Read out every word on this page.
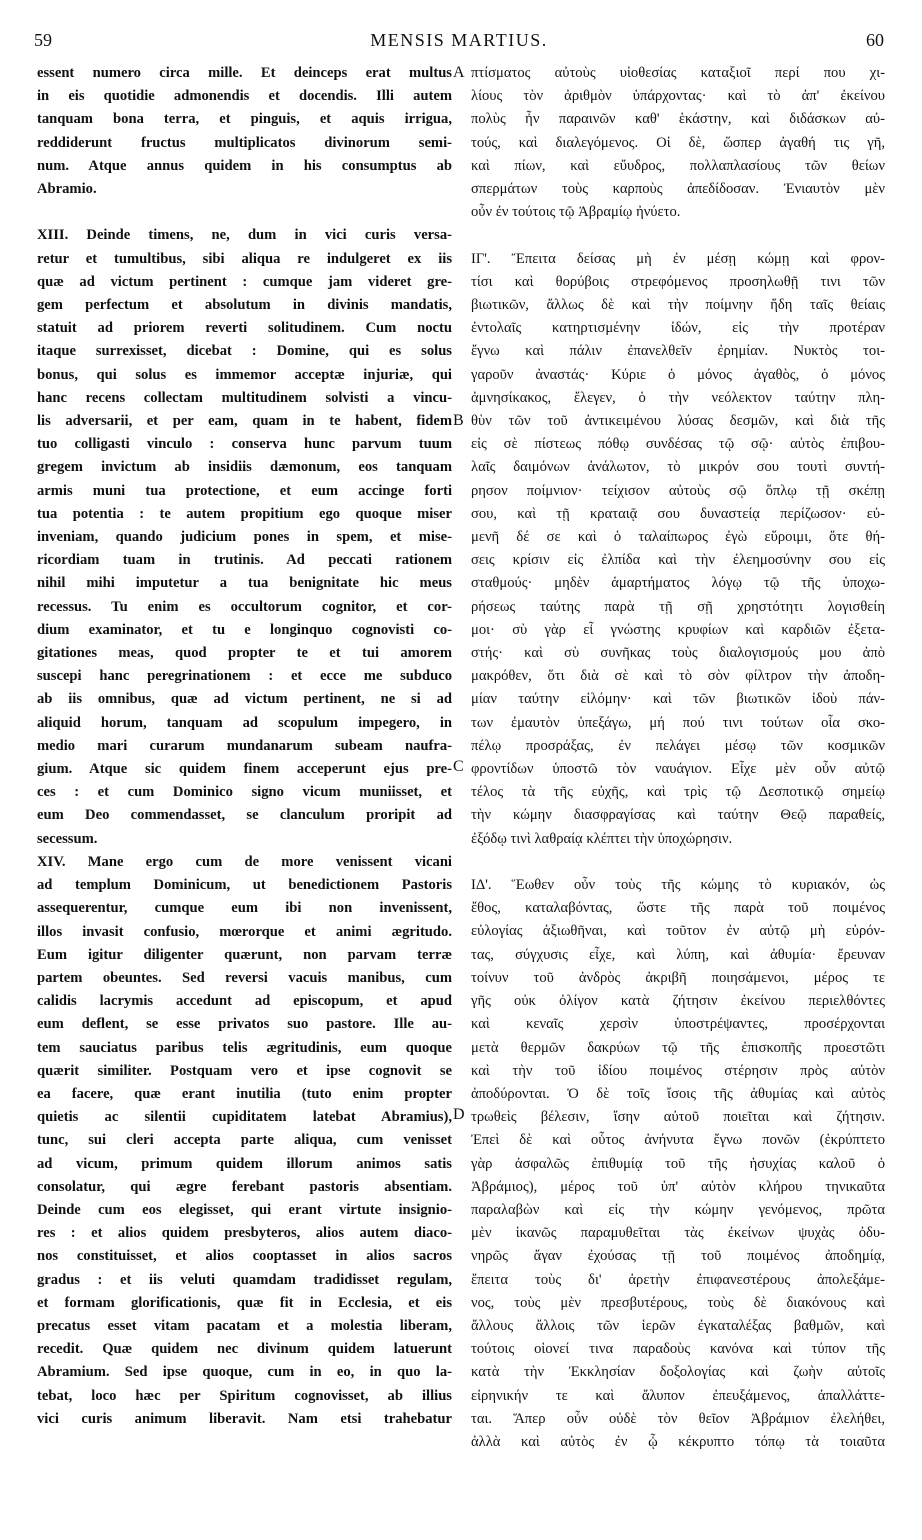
59	MENSIS MARTIUS.	60
essent numero circa mille. Et deinceps erat multus
in eis quotidie admonendis et docendis. Illi autem
tanquam bona terra, et pinguis, et aquis irrigua,
reddiderunt fructus multiplicatos divinorum semi-
num. Atque annus quidem in his consumptus ab
Abramio.
XIII. Deinde timens, ne, dum in vici curis versa-
retur et tumultibus, sibi aliqua re indulgeret ex iis
quæ ad victum pertinent : cumque jam videret gre-
gem perfectum et absolutum in divinis mandatis,
statuit ad priorem reverti solitudinem. Cum noctu
itaque surrexisset, dicebat : Domine, qui es solus
bonus, qui solus es immemor acceptæ injuriæ, qui
hanc recens collectam multitudinem solvisti a vincu-
lis adversarii, et per eam, quam in te habent, fidem
tuo colligasti vinculo : conserva hunc parvum tuum
gregem invictum ab insidiis dæmonum, eos tanquam
armis muni tua protectione, et eum accinge forti
tua potentia : te autem propitium ego quoque miser
inveniam, quando judicium pones in spem, et mise-
ricordiam tuam in trutinis. Ad peccati rationem
nihil mihi imputetur a tua benignitate hic meus
recessus. Tu enim es occultorum cognitor, et cor-
dium examinator, et tu e longinquo cognovisti co-
gitationes meas, quod propter te et tui amorem
suscepi hanc peregrinationem : et ecce me subduco
ab iis omnibus, quæ ad victum pertinent, ne si ad
aliquid horum, tanquam ad scopulum impegero, in
medio mari curarum mundanarum subeam naufra-
gium. Atque sic quidem finem acceperunt ejus pre-
ces : et cum Dominico signo vicum muniisset, et
eum Deo commendasset, se clanculum proripit ad
secessum.
XIV. Mane ergo cum de more venissent vicani
ad templum Dominicum, ut benedictionem Pastoris
assequerentur, cumque eum ibi non invenissent,
illos invasit confusio, mœrorque et animi ægritudo.
Eum igitur diligenter quærunt, non parvam terræ
partem obeuntes. Sed reversi vacuis manibus, cum
calidis lacrymis accedunt ad episcopum, et apud
eum deflent, se esse privatos suo pastore. Ille au-
tem sauciatus paribus telis ægritudinis, eum quoque
quærit similiter. Postquam vero et ipse cognovit se
ea facere, quæ erant inutilia (tuto enim propter
quietis ac silentii cupiditatem latebat Abramius),
tunc, sui cleri accepta parte aliqua, cum venisset
ad vicum, primum quidem illorum animos satis
consolatur, qui ægre ferebant pastoris absentiam.
Deinde cum eos elegisset, qui erant virtute insignio-
res : et alios quidem presbyteros, alios autem diaco-
nos constituisset, et alios cooptasset in alios sacros
gradus : et iis veluti quamdam tradidisset regulam,
et formam glorificationis, quæ fit in Ecclesia, et eis
precatus esset vitam pacatam et a molestia liberam,
recedit. Quæ quidem nec divinum quidem latuerunt
Abramium. Sed ipse quoque, cum in eo, in quo la-
tebat, loco hæc per Spiritum cognovisset, ab illius
vici curis animum liberavit. Nam etsi trahebatur
πτίσματος αὐτοὺς υἱοθεσίας καταξιοῖ περί που χι-
λίους τὸν ἀριθμὸν ὑπάρχοντας· καὶ τὸ ἀπ' ἐκείνου
πολὺς ἦν παραινῶν καθ' ἑκάστην, καὶ διδάσκων αὐ-
τούς, καὶ διαλεγόμενος. Οἱ δὲ, ὥσπερ ἀγαθή τις γῆ,
καὶ πίων, καὶ εὔυδρος, πολλαπλασίους τῶν θείων
σπερμάτων τοὺς καρποὺς ἀπεδίδοσαν. Ἐνιαυτὸν μὲν
οὖν ἐν τούτοις τῷ Ἀβραμίῳ ἠνύετο.
ΙΓ'. Ἔπειτα δείσας μὴ ἐν μέσῃ κώμῃ καὶ φρον-
τίσι καὶ θορύβοις στρεφόμενος προσηλωθῇ τινι τῶν
βιωτικῶν, ἄλλως δὲ καὶ τὴν ποίμνην ἤδη ταῖς θείαις
ἐντολαῖς κατηρτισμένην ἰδών, εἰς τὴν προτέραν
ἔγνω καὶ πάλιν ἐπανελθεῖν ἐρημίαν. Νυκτὸς τοι-
γαροῦν ἀναστάς· Κύριε ὁ μόνος ἀγαθὸς, ὁ μόνος
ἀμνησίκακος, ἔλεγεν, ὁ τὴν νεόλεκτον ταύτην πλη-
θὺν τῶν τοῦ ἀντικειμένου λύσας δεσμῶν, καὶ διὰ τῆς
εἰς σὲ πίστεως πόθῳ συνδέσας τῷ σῷ· αὐτὸς ἐπιβου-
λαῖς δαιμόνων ἀνάλωτον, τὸ μικρόν σου τουτὶ συντή-
ρησον ποίμνιον· τείχισον αὐτοὺς σῷ ὅπλῳ τῇ σκέπῃ
σου, καὶ τῇ κραταιᾷ σου δυναστείᾳ περίζωσον· εὐ-
μενῆ δέ σε καὶ ὁ ταλαίπωρος ἐγὼ εὕροιμι, ὅτε θή-
σεις κρίσιν εἰς ἐλπίδα καὶ τὴν ἐλεημοσύνην σου εἰς
σταθμούς· μηδὲν ἁμαρτήματος λόγῳ τῷ τῆς ὑποχω-
ρήσεως ταύτης παρὰ τῇ σῇ χρηστότητι λογισθείη
μοι· σὺ γὰρ εἶ γνώστης κρυφίων καὶ καρδιῶν ἐξετα-
στής· καὶ σὺ συνῆκας τοὺς διαλογισμούς μου ἀπὸ
μακρόθεν, ὅτι διὰ σὲ καὶ τὸ σὸν φίλτρον τὴν ἀποδη-
μίαν ταύτην εἱλόμην· καὶ τῶν βιωτικῶν ἰδοὺ πάν-
των ἐμαυτὸν ὑπεξάγω, μή πού τινι τούτων οἷα σκο-
πέλῳ προσράξας, ἐν πελάγει μέσῳ τῶν κοσμικῶν
φροντίδων ὑποστῶ τὸν ναυάγιον. Εἶχε μὲν οὖν αὐτῷ
τέλος τὰ τῆς εὐχῆς, καὶ τρὶς τῷ Δεσποτικῷ σημείῳ
τὴν κώμην διασφραγίσας καὶ ταύτην Θεῷ παραθείς,
ἐξόδῳ τινὶ λαθραίᾳ κλέπτει τὴν ὑποχώρησιν.
ΙΔ'. Ἕωθεν οὖν τοὺς τῆς κώμης τὸ κυριακόν, ὡς
ἔθος, καταλαβόντας, ὥστε τῆς παρὰ τοῦ ποιμένος
εὐλογίας ἀξιωθῆναι, καὶ τοῦτον ἐν αὐτῷ μὴ εὑρόν-
τας, σύγχυσις εἶχε, καὶ λύπη, καὶ ἀθυμία· ἔρευναν
τοίνυν τοῦ ἀνδρὸς ἀκριβῆ ποιησάμενοι, μέρος τε
γῆς οὐκ ὀλίγον κατὰ ζήτησιν ἐκείνου περιελθόντες
καὶ κεναῖς χερσὶν ὑποστρέψαντες, προσέρχονται
μετὰ θερμῶν δακρύων τῷ τῆς ἐπισκοπῆς προεστῶτι
καὶ τὴν τοῦ ἰδίου ποιμένος στέρησιν πρὸς αὐτὸν
ἀποδύρονται. Ὁ δὲ τοῖς ἴσοις τῆς ἀθυμίας καὶ αὐτὸς
τρωθεὶς βέλεσιν, ἴσην αὐτοῦ ποιεῖται καὶ ζήτησιν.
Ἐπεὶ δὲ καὶ οὗτος ἀνήνυτα ἔγνω πονῶν (ἐκρύπτετο
γὰρ ἀσφαλῶς ἐπιθυμίᾳ τοῦ τῆς ἡσυχίας καλοῦ ὁ
Ἀβράμιος), μέρος τοῦ ὑπ' αὐτὸν κλήρου τηνικαῦτα
παραλαβὼν καὶ εἰς τὴν κώμην γενόμενος, πρῶτα
μὲν ἱκανῶς παραμυθεῖται τὰς ἐκείνων ψυχὰς ὀδυ-
νηρῶς ἄγαν ἐχούσας τῇ τοῦ ποιμένος ἀποδημίᾳ,
ἔπειτα τοὺς δι' ἀρετὴν ἐπιφανεστέρους ἀπολεξάμε-
νος, τοὺς μὲν πρεσβυτέρους, τοὺς δὲ διακόνους καὶ
ἄλλους ἄλλοις τῶν ἱερῶν ἐγκαταλέξας βαθμῶν, καὶ
τούτοις οἱονεί τινα παραδοὺς κανόνα καὶ τύπον τῆς
κατὰ τὴν Ἐκκλησίαν δοξολογίας καὶ ζωὴν αὐτοῖς
εἰρηνικήν τε καὶ ἄλυπον ἐπευξάμενος, ἀπαλλάττε-
ται. Ἅπερ οὖν οὐδὲ τὸν θεῖον Ἀβράμιον ἐλελήθει,
ἀλλὰ καὶ αὐτὸς ἐν ᾧ κέκρυπτο τόπῳ τὰ τοιαῦτα
A
B
C
D
